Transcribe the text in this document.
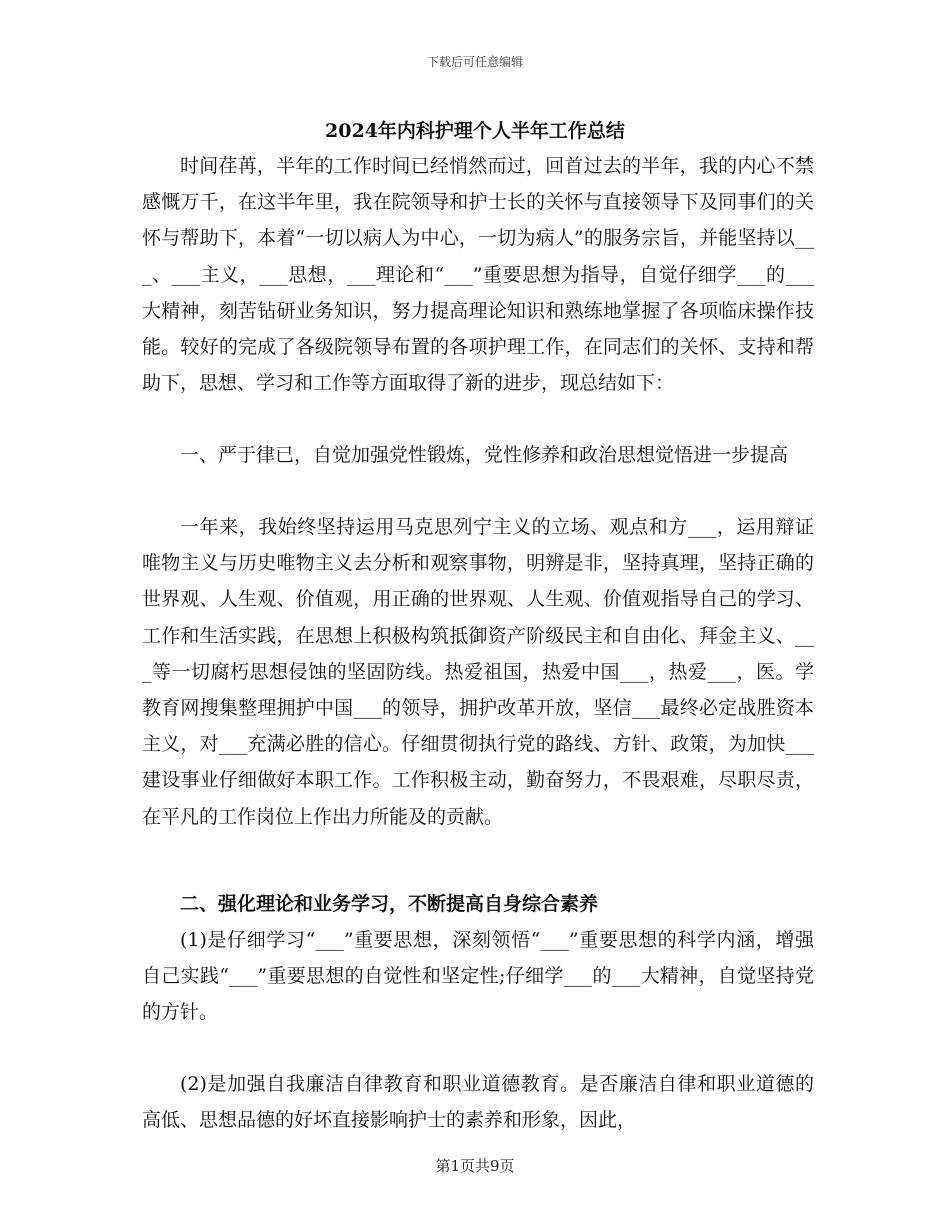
下载后可任意编辑
2024年内科护理个人半年工作总结

时间荏苒，半年的工作时间已经悄然而过，回首过去的半年，我的内心不禁感慨万千，在这半年里，我在院领导和护士长的关怀与直接领导下及同事们的关怀与帮助下，本着“一切以病人为中心，一切为病人”的服务宗旨，并能坚持以___、___主义，___思想，___理论和“___”重要思想为指导，自觉仔细学___的___大精神，刻苦钻研业务知识，努力提高理论知识和熟练地掌握了各项临床操作技能。较好的完成了各级院领导布置的各项护理工作，在同志们的关怀、支持和帮助下，思想、学习和工作等方面取得了新的进步，现总结如下：

一、严于律已，自觉加强党性锻炼，党性修养和政治思想觉悟进一步提高

一年来，我始终坚持运用马克思列宁主义的立场、观点和方___，运用辩证唯物主义与历史唯物主义去分析和观察事物，明辨是非，坚持真理，坚持正确的世界观、人生观、价值观，用正确的世界观、人生观、价值观指导自己的学习、工作和生活实践，在思想上积极构筑抵御资产阶级民主和自由化、拜金主义、___等一切腐朽思想侵蚀的坚固防线。热爱祖国，热爱中国___，热爱___，医。学教育网搜集整理拥护中国___的领导，拥护改革开放，坚信___最终必定战胜资本主义，对___充满必胜的信心。仔细贯彻执行党的路线、方针、政策，为加快___建设事业仔细做好本职工作。工作积极主动，勤奋努力，不畏艰难，尽职尽责，在平凡的工作岗位上作出力所能及的贡献。

二、强化理论和业务学习，不断提高自身综合素养

(1)是仔细学习“___”重要思想，深刻领悟“___”重要思想的科学内涵，增强自己实践“___”重要思想的自觉性和坚定性;仔细学___的___大精神，自觉坚持党的方针。

(2)是加强自我廉洁自律教育和职业道德教育。是否廉洁自律和职业道德的高低、思想品德的好坏直接影响护士的素养和形象，因此，

第1页共9页
